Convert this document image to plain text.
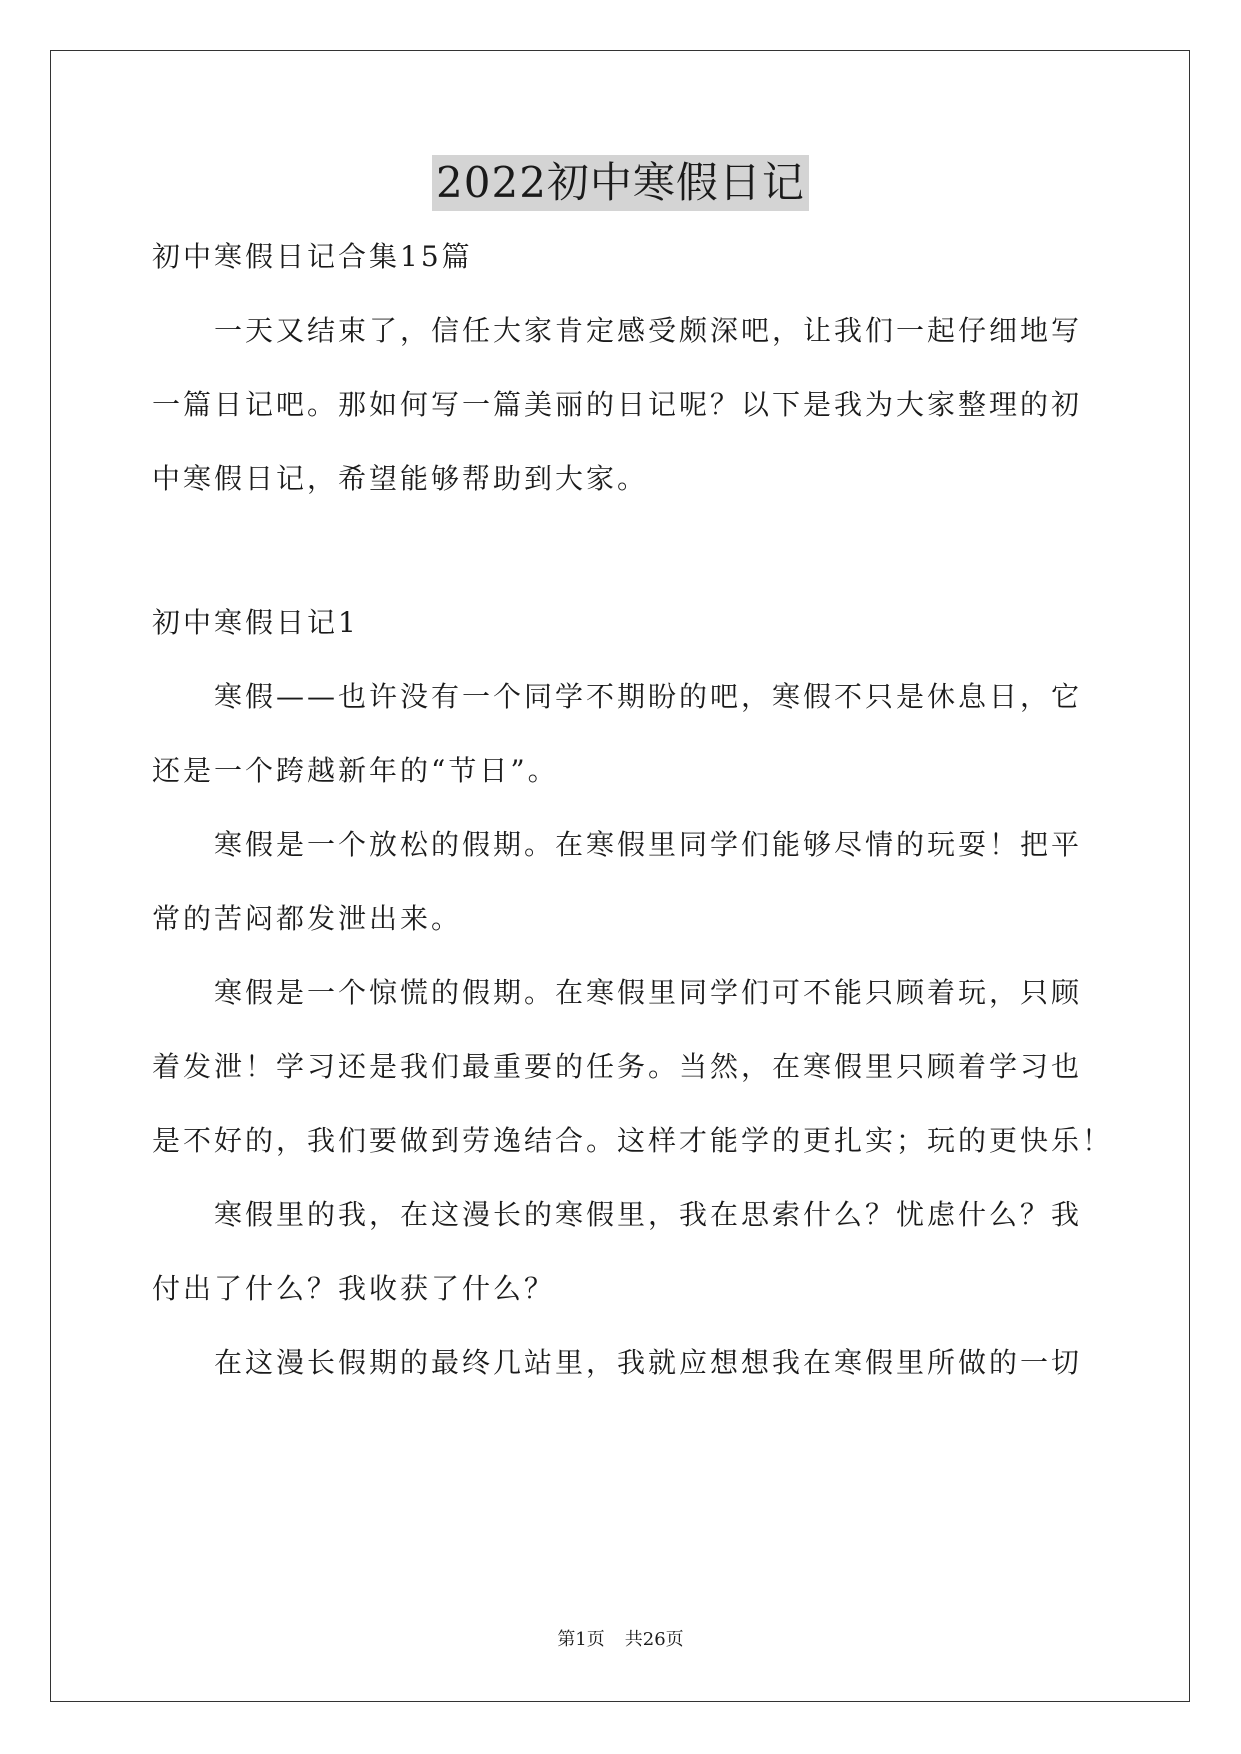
2022初中寒假日记
初中寒假日记合集15篇
　　一天又结束了，信任大家肯定感受颇深吧，让我们一起仔细地写
一篇日记吧。那如何写一篇美丽的日记呢？以下是我为大家整理的初
中寒假日记，希望能够帮助到大家。
初中寒假日记1
　　寒假——也许没有一个同学不期盼的吧，寒假不只是休息日，它
还是一个跨越新年的“节日”。
　　寒假是一个放松的假期。在寒假里同学们能够尽情的玩耍！把平
常的苦闷都发泄出来。
　　寒假是一个惊慌的假期。在寒假里同学们可不能只顾着玩，只顾
着发泄！学习还是我们最重要的任务。当然，在寒假里只顾着学习也
是不好的，我们要做到劳逸结合。这样才能学的更扎实；玩的更快乐！
　　寒假里的我，在这漫长的寒假里，我在思索什么？忧虑什么？我
付出了什么？我收获了什么？
　　在这漫长假期的最终几站里，我就应想想我在寒假里所做的一切
第1页 共26页
